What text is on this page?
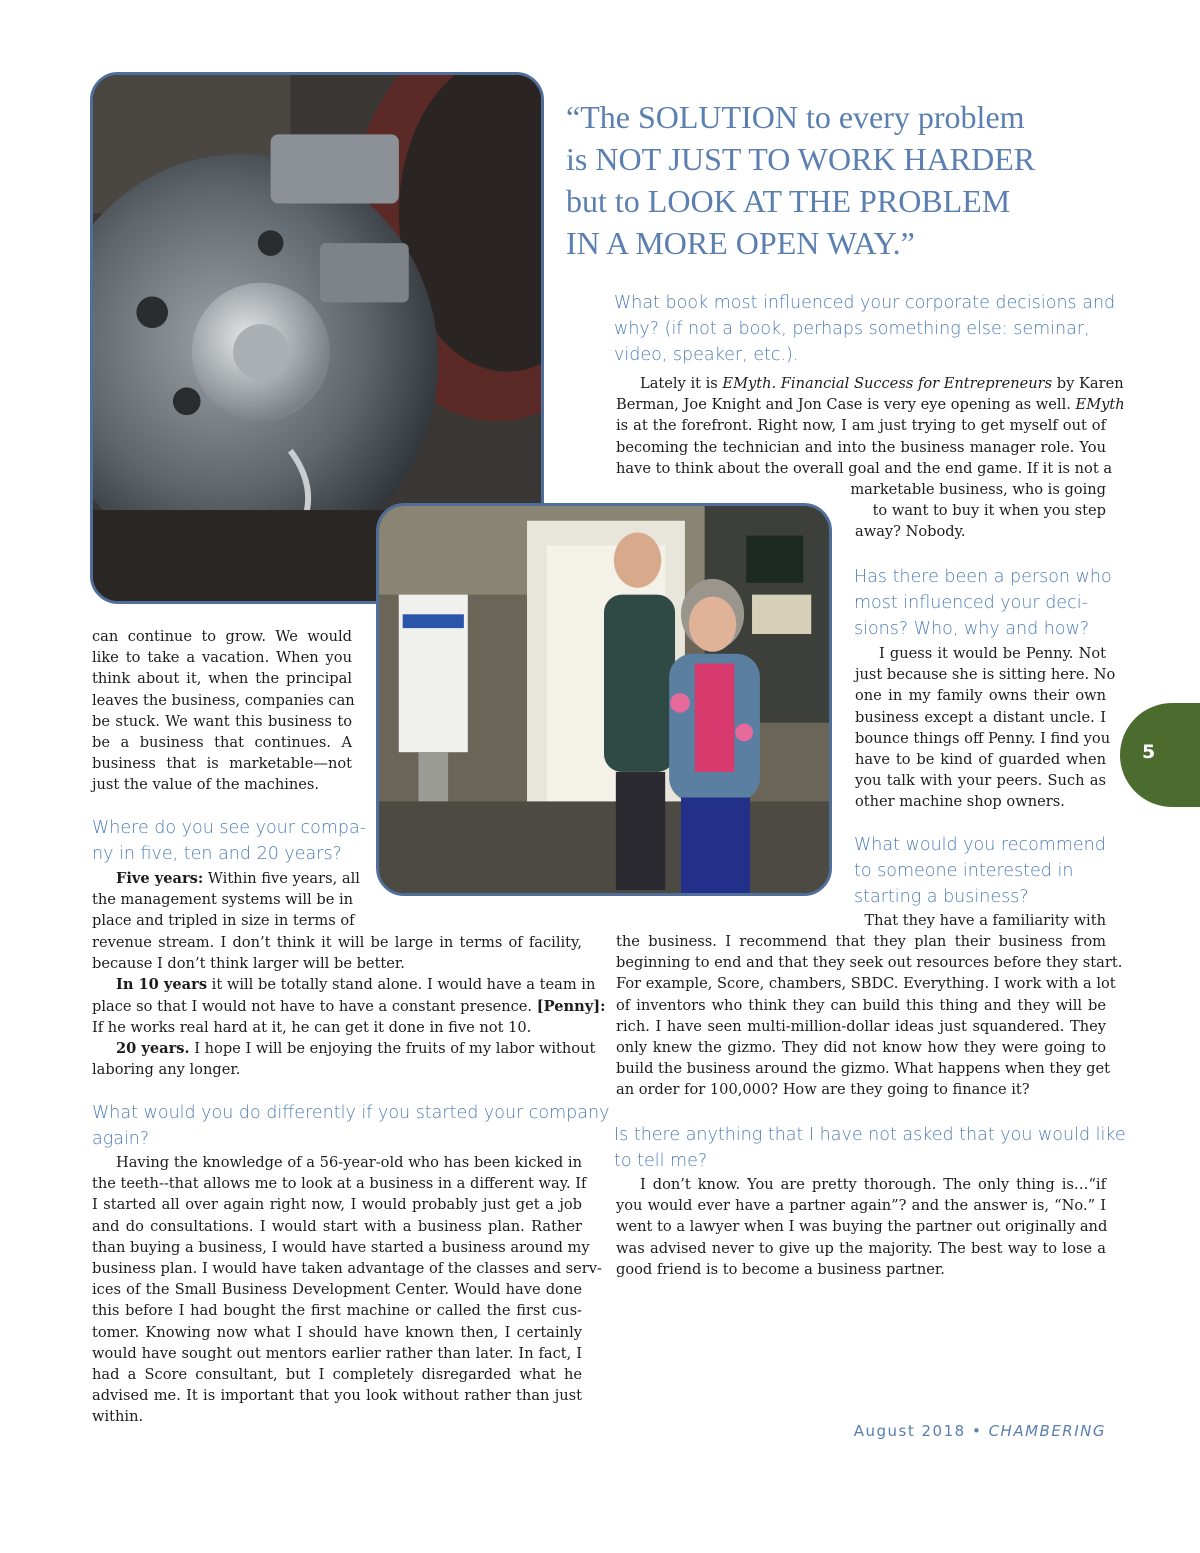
“The SOLUTION to every problem
is NOT JUST TO WORK HARDER
but to LOOK AT THE PROBLEM
IN A MORE OPEN WAY.”
What book most influenced your corporate decisions and
why? (if not a book, perhaps something else: seminar,
video, speaker, etc.).
Lately it is EMyth. Financial Success for Entrepreneurs by Karen
Berman, Joe Knight and Jon Case is very eye opening as well. EMyth
is at the forefront. Right now, I am just trying to get myself out of
becoming the technician and into the business manager role. You
have to think about the overall goal and the end game. If it is not a
marketable business, who is going
to want to buy it when you step
away? Nobody.
can continue to grow. We would
like to take a vacation. When you
think about it, when the principal
leaves the business, companies can
be stuck. We want this business to
be a business that continues. A
business that is marketable—not
just the value of the machines.
Where do you see your compa-
ny in five, ten and 20 years?
Five years: Within five years, all
the management systems will be in
place and tripled in size in terms of
revenue stream. I don’t think it will be large in terms of facility,
because I don’t think larger will be better.
In 10 years it will be totally stand alone. I would have a team in
place so that I would not have to have a constant presence. [Penny]:
If he works real hard at it, he can get it done in five not 10.
20 years. I hope I will be enjoying the fruits of my labor without
laboring any longer.
What would you do differently if you started your company
again?
Having the knowledge of a 56-year-old who has been kicked in
the teeth--that allows me to look at a business in a different way. If
I started all over again right now, I would probably just get a job
and do consultations. I would start with a business plan. Rather
than buying a business, I would have started a business around my
business plan. I would have taken advantage of the classes and serv-
ices of the Small Business Development Center. Would have done
this before I had bought the first machine or called the first cus-
tomer. Knowing now what I should have known then, I certainly
would have sought out mentors earlier rather than later. In fact, I
had a Score consultant, but I completely disregarded what he
advised me. It is important that you look without rather than just
within.
Has there been a person who
most influenced your deci-
sions? Who, why and how?
I guess it would be Penny. Not
just because she is sitting here. No
one in my family owns their own
business except a distant uncle. I
bounce things off Penny. I find you
have to be kind of guarded when
you talk with your peers. Such as
other machine shop owners.
5
What would you recommend
to someone interested in
starting a business?
That they have a familiarity with
the business. I recommend that they plan their business from
beginning to end and that they seek out resources before they start.
For example, Score, chambers, SBDC. Everything. I work with a lot
of inventors who think they can build this thing and they will be
rich. I have seen multi-million-dollar ideas just squandered. They
only knew the gizmo. They did not know how they were going to
build the business around the gizmo. What happens when they get
an order for 100,000? How are they going to finance it?
Is there anything that I have not asked that you would like
to tell me?
I don’t know. You are pretty thorough. The only thing is…“if
you would ever have a partner again”? and the answer is, “No.” I
went to a lawyer when I was buying the partner out originally and
was advised never to give up the majority. The best way to lose a
good friend is to become a business partner.
August 2018 • CHAMBERING
